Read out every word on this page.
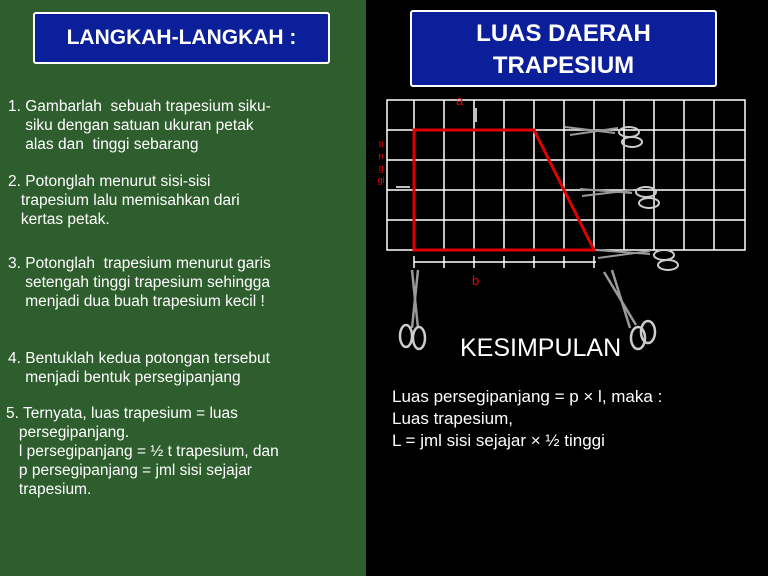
LANGKAH-LANGKAH :	LUAS DAERAH
TRAPESIUM

1. Gambarlah  sebuah trapesium siku-
siku dengan satuan ukuran petak
alas dan  tinggi sebarang

2. Potonglah menurut sisi-sisi
trapesium lalu memisahkan dari
kertas petak.

3. Potonglah  trapesium menurut garis
setengah tinggi trapesium sehingga
menjadi dua buah trapesium kecil !

4. Bentuklah kedua potongan tersebut
menjadi bentuk persegipanjang

5. Ternyata, luas trapesium = luas
persegipanjang.
l persegipanjang = ½ t trapesium, dan
p persegipanjang = jml sisi sejajar
trapesium.

a
b
tinggi
KESIMPULAN

Luas persegipanjang = p × l, maka :
Luas trapesium,
L = jml sisi sejajar × ½ tinggi
